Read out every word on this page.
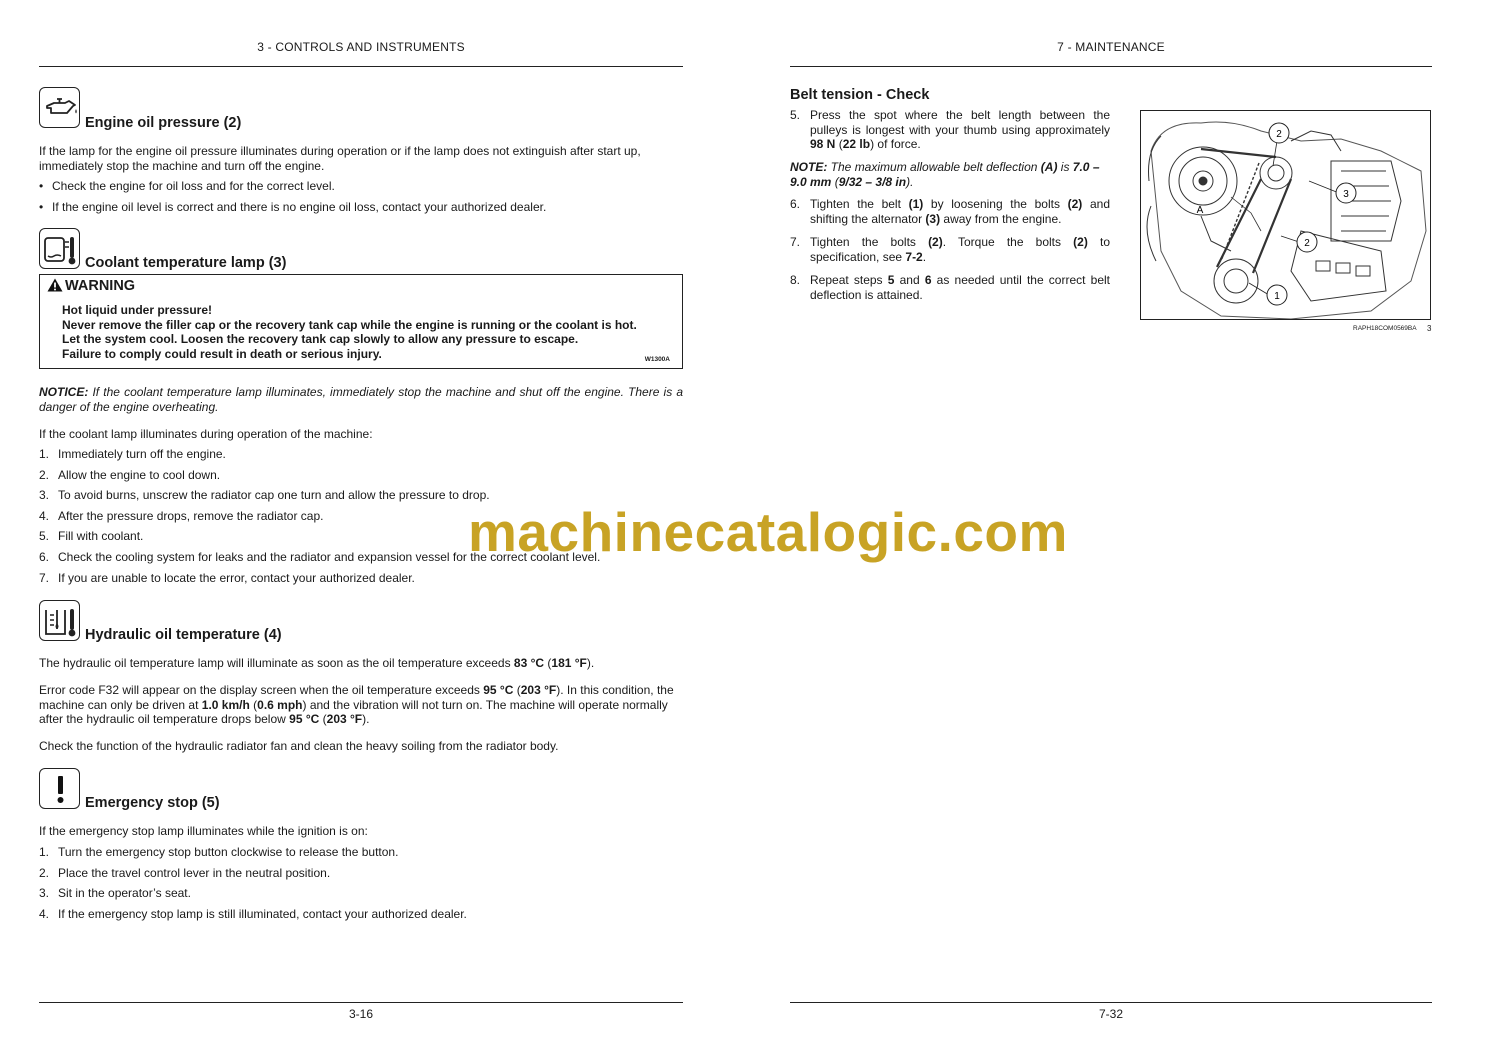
3 - CONTROLS AND INSTRUMENTS
Engine oil pressure (2)

If the lamp for the engine oil pressure illuminates during operation or if the lamp does not extinguish after start up, immediately stop the machine and turn off the engine.

• Check the engine for oil loss and for the correct level.
• If the engine oil level is correct and there is no engine oil loss, contact your authorized dealer.
Coolant temperature lamp (3)
WARNING
Hot liquid under pressure!
Never remove the filler cap or the recovery tank cap while the engine is running or the coolant is hot.
Let the system cool. Loosen the recovery tank cap slowly to allow any pressure to escape.
Failure to comply could result in death or serious injury.	W1300A

NOTICE: If the coolant temperature lamp illuminates, immediately stop the machine and shut off the engine. There is a danger of the engine overheating.

If the coolant lamp illuminates during operation of the machine:

1. Immediately turn off the engine.
2. Allow the engine to cool down.
3. To avoid burns, unscrew the radiator cap one turn and allow the pressure to drop.
4. After the pressure drops, remove the radiator cap.
5. Fill with coolant.
6. Check the cooling system for leaks and the radiator and expansion vessel for the correct coolant level.
7. If you are unable to locate the error, contact your authorized dealer.
Hydraulic oil temperature (4)

The hydraulic oil temperature lamp will illuminate as soon as the oil temperature exceeds 83 °C (181 °F).

Error code F32 will appear on the display screen when the oil temperature exceeds 95 °C (203 °F). In this condition, the machine can only be driven at 1.0 km/h (0.6 mph) and the vibration will not turn on. The machine will operate normally after the hydraulic oil temperature drops below 95 °C (203 °F).

Check the function of the hydraulic radiator fan and clean the heavy soiling from the radiator body.

Emergency stop (5)

If the emergency stop lamp illuminates while the ignition is on:

1. Turn the emergency stop button clockwise to release the button.
2. Place the travel control lever in the neutral position.
3. Sit in the operator’s seat.
4. If the emergency stop lamp is still illuminated, contact your authorized dealer.
3-16
7 - MAINTENANCE
Belt tension - Check
5. Press the spot where the belt length between the pulleys is longest with your thumb using approximately 98 N (22 lb) of force.

NOTE: The maximum allowable belt deflection (A) is 7.0 – 9.0 mm (9/32 – 3/8 in).

6. Tighten the belt (1) by loosening the bolts (2) and shifting the alternator (3) away from the engine.
7. Tighten the bolts (2). Torque the bolts (2) to specification, see 7-2.
8. Repeat steps 5 and 6 as needed until the correct belt deflection is attained.
2
3
2
1
A
RAPH18COM0569BA 3
7-32
machinecatalogic.com
